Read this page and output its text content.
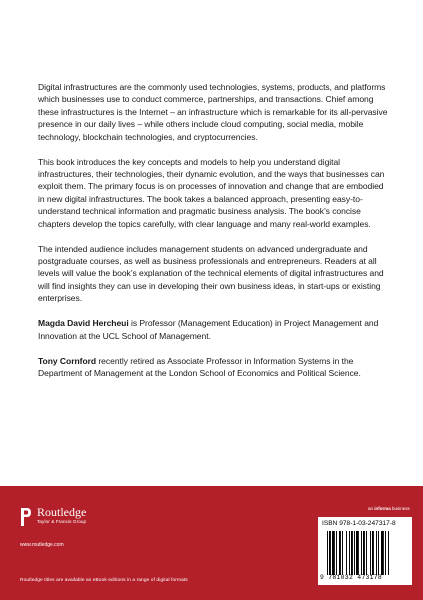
Digital infrastructures are the commonly used technologies, systems, products, and platforms which businesses use to conduct commerce, partnerships, and transactions. Chief among these infrastructures is the Internet – an infrastructure which is remarkable for its all-pervasive presence in our daily lives – while others include cloud computing, social media, mobile technology, blockchain technologies, and cryptocurrencies.

This book introduces the key concepts and models to help you understand digital infrastructures, their technologies, their dynamic evolution, and the ways that businesses can exploit them. The primary focus is on processes of innovation and change that are embodied in new digital infrastructures. The book takes a balanced approach, presenting easy-to-understand technical information and pragmatic business analysis. The book’s concise chapters develop the topics carefully, with clear language and many real-world examples.

The intended audience includes management students on advanced undergraduate and postgraduate courses, as well as business professionals and entrepreneurs. Readers at all levels will value the book’s explanation of the technical elements of digital infrastructures and will find insights they can use in developing their own business ideas, in start-ups or existing enterprises.

Magda David Hercheui is Professor (Management Education) in Project Management and Innovation at the UCL School of Management.

Tony Cornford recently retired as Associate Professor in Information Systems in the Department of Management at the London School of Economics and Political Science.

Routledge
Taylor & Francis Group
www.routledge.com
Routledge titles are available as eBook editions in a range of digital formats
an informa business
ISBN 978-1-03-247317-8
9 781032 473178
